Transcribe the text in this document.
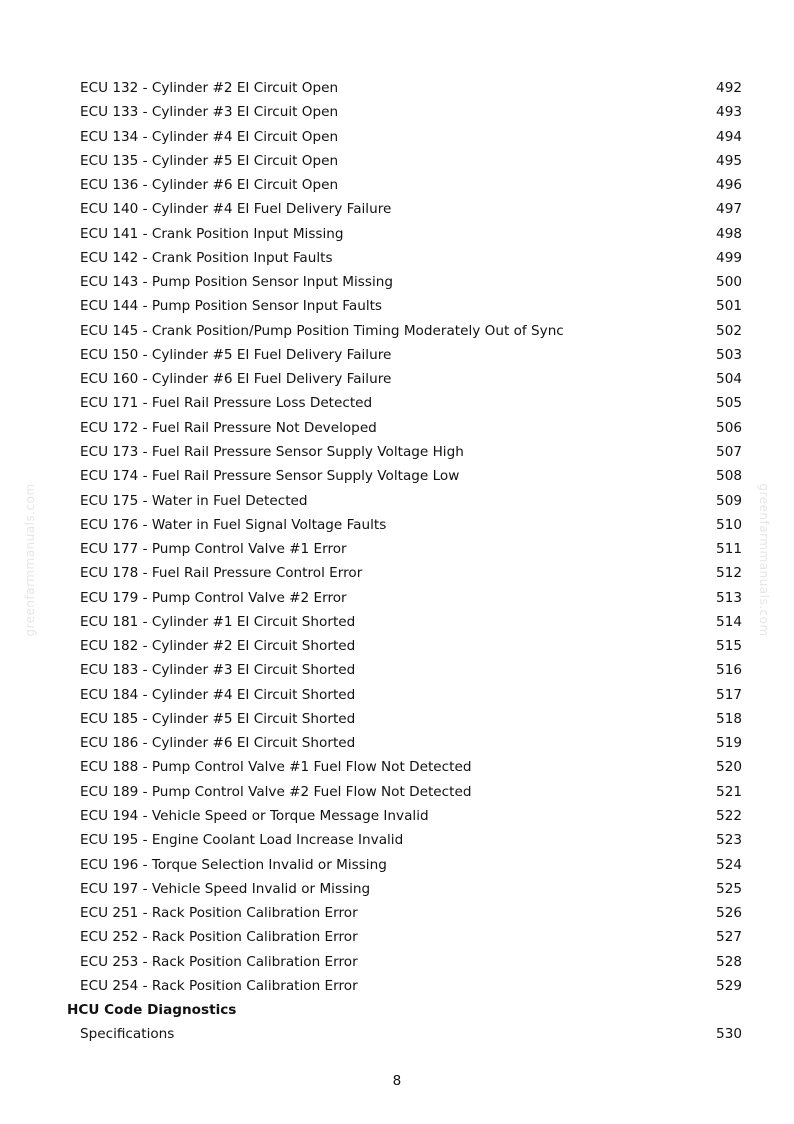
ECU 132 - Cylinder #2 EI Circuit Open	492
ECU 133 - Cylinder #3 EI Circuit Open	493
ECU 134 - Cylinder #4 EI Circuit Open	494
ECU 135 - Cylinder #5 EI Circuit Open	495
ECU 136 - Cylinder #6 EI Circuit Open	496
ECU 140 - Cylinder #4 EI Fuel Delivery Failure	497
ECU 141 - Crank Position Input Missing	498
ECU 142 - Crank Position Input Faults	499
ECU 143 - Pump Position Sensor Input Missing	500
ECU 144 - Pump Position Sensor Input Faults	501
ECU 145 - Crank Position/Pump Position Timing Moderately Out of Sync	502
ECU 150 - Cylinder #5 EI Fuel Delivery Failure	503
ECU 160 - Cylinder #6 EI Fuel Delivery Failure	504
ECU 171 - Fuel Rail Pressure Loss Detected	505
ECU 172 - Fuel Rail Pressure Not Developed	506
ECU 173 - Fuel Rail Pressure Sensor Supply Voltage High	507
ECU 174 - Fuel Rail Pressure Sensor Supply Voltage Low	508
ECU 175 - Water in Fuel Detected	509
ECU 176 - Water in Fuel Signal Voltage Faults	510
ECU 177 - Pump Control Valve #1 Error	511
ECU 178 - Fuel Rail Pressure Control Error	512
ECU 179 - Pump Control Valve #2 Error	513
ECU 181 - Cylinder #1 EI Circuit Shorted	514
ECU 182 - Cylinder #2 EI Circuit Shorted	515
ECU 183 - Cylinder #3 EI Circuit Shorted	516
ECU 184 - Cylinder #4 EI Circuit Shorted	517
ECU 185 - Cylinder #5 EI Circuit Shorted	518
ECU 186 - Cylinder #6 EI Circuit Shorted	519
ECU 188 - Pump Control Valve #1 Fuel Flow Not Detected	520
ECU 189 - Pump Control Valve #2 Fuel Flow Not Detected	521
ECU 194 - Vehicle Speed or Torque Message Invalid	522
ECU 195 - Engine Coolant Load Increase Invalid	523
ECU 196 - Torque Selection Invalid or Missing	524
ECU 197 - Vehicle Speed Invalid or Missing	525
ECU 251 - Rack Position Calibration Error	526
ECU 252 - Rack Position Calibration Error	527
ECU 253 - Rack Position Calibration Error	528
ECU 254 - Rack Position Calibration Error	529
HCU Code Diagnostics
Specifications	530
8
greenfarmmanuals.com	greenfarmmanuals.com
